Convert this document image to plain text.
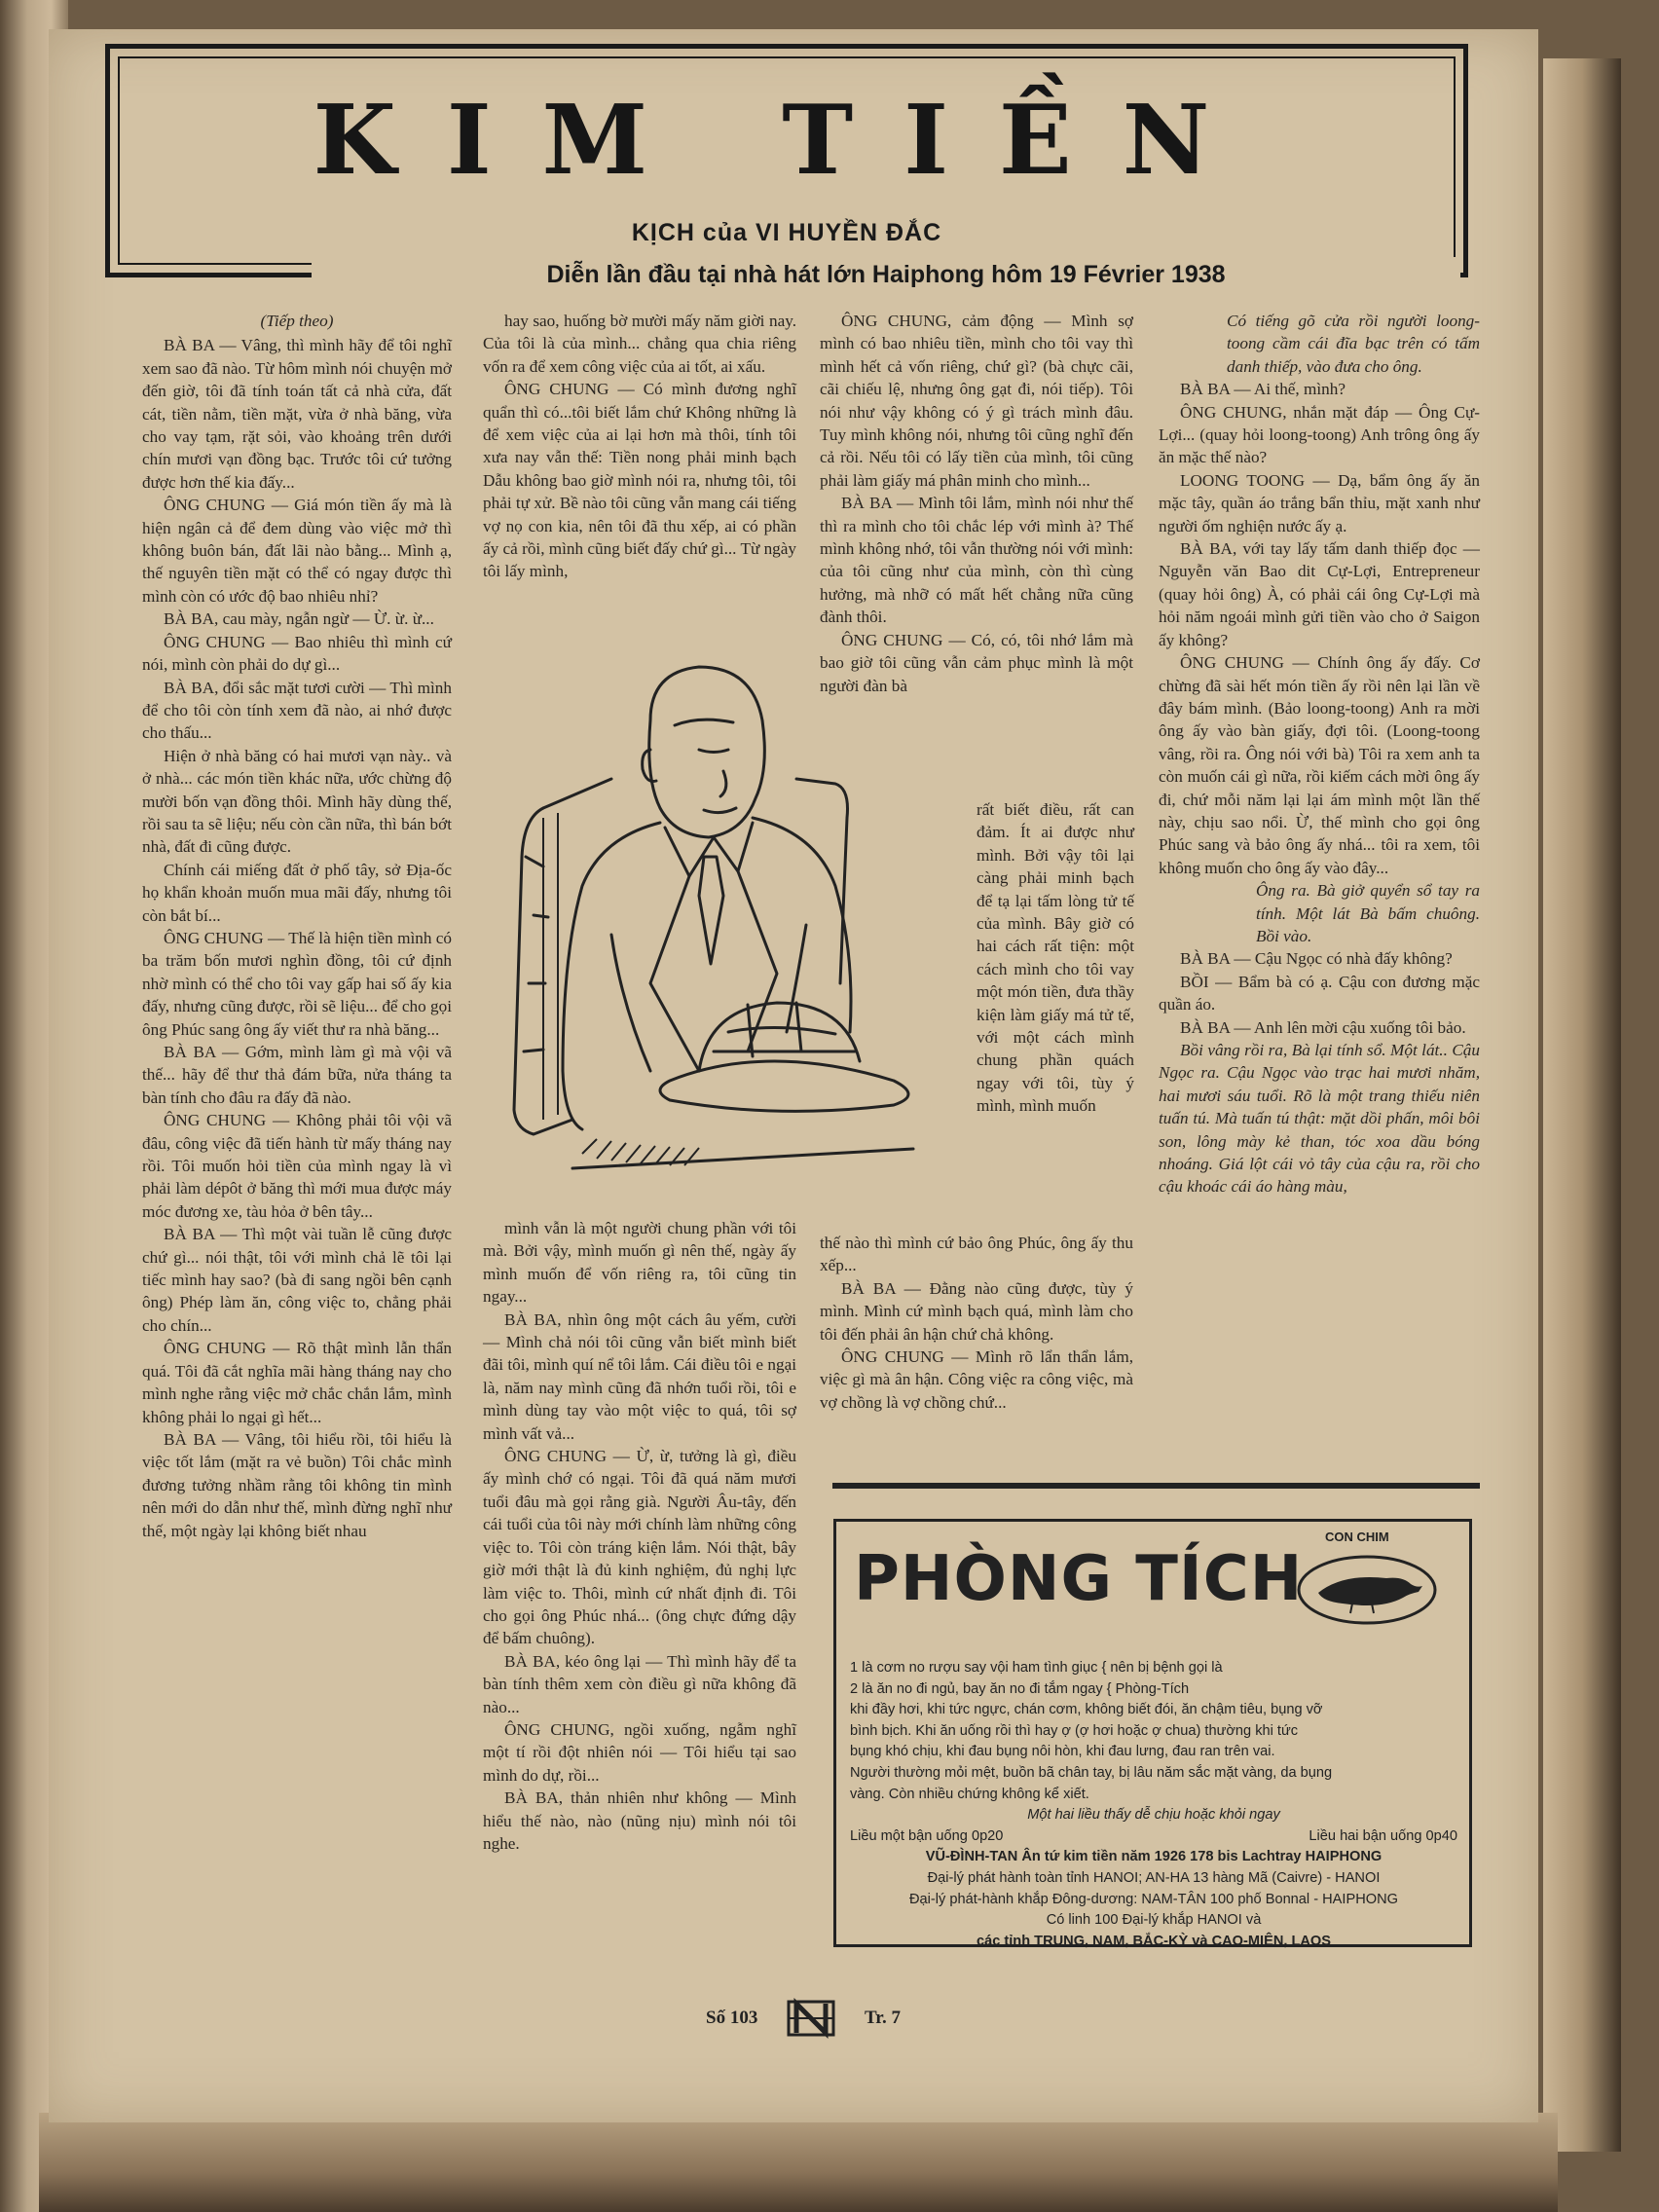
KIM TIỀN
KỊCH của VI HUYỀN ĐẮC
Diễn lần đầu tại nhà hát lớn Haiphong hôm 19 Février 1938

(Tiếp theo)

BÀ BA — Vâng, thì mình hãy để tôi nghĩ xem sao đã nào. Từ hôm mình nói chuyện mở đến giờ, tôi đã tính toán tất cả nhà cửa, đất cát, tiền nằm, tiền mặt, vừa ở nhà băng, vừa cho vay tạm, rặt sỏi, vào khoảng trên dưới chín mươi vạn đồng bạc. Trước tôi cứ tưởng được hơn thế kia đấy...

ÔNG CHUNG — Giá món tiền ấy mà là hiện ngân cả để đem dùng vào việc mở thì không buôn bán, đất lãi nào bằng... Mình ạ, thế nguyên tiền mặt có thể có ngay được thì mình còn có ước độ bao nhiêu nhỉ?

BÀ BA, cau mày, ngẫn ngừ — Ừ. ừ. ừ...

ÔNG CHUNG — Bao nhiêu thì mình cứ nói, mình còn phải do dự gì...

BÀ BA, đổi sắc mặt tươi cười — Thì mình để cho tôi còn tính xem đã nào, ai nhớ được cho thấu...

Hiện ở nhà băng có hai mươi vạn này.. và ở nhà... các món tiền khác nữa, ước chừng độ mười bốn vạn đồng thôi. Mình hãy dùng thế, rồi sau ta sẽ liệu; nếu còn cần nữa, thì bán bớt nhà, đất đi cũng được.

Chính cái miếng đất ở phố tây, sở Địa-ốc họ khẩn khoản muốn mua mãi đấy, nhưng tôi còn bắt bí...

ÔNG CHUNG — Thế là hiện tiền mình có ba trăm bốn mươi nghìn đồng, tôi cứ định nhờ mình có thể cho tôi vay gấp hai số ấy kia đấy, nhưng cũng được, rồi sẽ liệu... để cho gọi ông Phúc sang ông ấy viết thư ra nhà băng...

BÀ BA — Gớm, mình làm gì mà vội vã thế... hãy để thư thả đám bữa, nửa tháng ta bàn tính cho đâu ra đấy đã nào.

ÔNG CHUNG — Không phải tôi vội vã đâu, công việc đã tiến hành từ mấy tháng nay rồi. Tôi muốn hỏi tiền của mình ngay là vì phải làm dépôt ở băng thì mới mua được máy móc đương xe, tàu hỏa ở bên tây...

BÀ BA — Thì một vài tuần lễ cũng được chứ gì... nói thật, tôi với mình chả lẽ tôi lại tiếc mình hay sao? (bà đi sang ngồi bên cạnh ông) Phép làm ăn, công việc to, chẳng phải cho chín...

ÔNG CHUNG — Rõ thật mình lẫn thẩn quá. Tôi đã cắt nghĩa mãi hàng tháng nay cho mình nghe rằng việc mở chắc chắn lắm, mình không phải lo ngại gì hết...

BÀ BA — Vâng, tôi hiểu rồi, tôi hiểu là việc tốt lắm (mặt ra vẻ buồn) Tôi chắc mình đương tưởng nhầm rằng tôi không tin mình nên mới do dẫn như thế, mình đừng nghĩ như thế, một ngày lại không biết nhau

hay sao, huống bờ mười mấy năm giời nay. Của tôi là của mình... chẳng qua chia riêng vốn ra để xem công việc của ai tốt, ai xấu.

ÔNG CHUNG — Có mình đương nghĩ quẩn thì có...tôi biết lắm chứ Không những là để xem việc của ai lại hơn mà thôi, tính tôi xưa nay vẫn thế: Tiền nong phải minh bạch Dẫu không bao giờ mình nói ra, nhưng tôi, tôi phải tự xử. Bề nào tôi cũng vẫn mang cái tiếng vợ nọ con kia, nên tôi đã thu xếp, ai có phần ấy cả rồi, mình cũng biết đấy chứ gì... Từ ngày tôi lấy mình,

mình vẫn là một người chung phần với tôi mà. Bởi vậy, mình muốn gì nên thế, ngày ấy mình muốn để vốn riêng ra, tôi cũng tin ngay...

BÀ BA, nhìn ông một cách âu yếm, cười — Mình chả nói tôi cũng vẫn biết mình biết đãi tôi, mình quí nể tôi lắm. Cái điều tôi e ngại là, năm nay mình cũng đã nhớn tuổi rồi, tôi e mình dùng tay vào một việc to quá, tôi sợ mình vất vả...

ÔNG CHUNG — Ừ, ừ, tưởng là gì, điều ấy mình chớ có ngại. Tôi đã quá năm mươi tuổi đâu mà gọi rằng già. Người Âu-tây, đến cái tuổi của tôi này mới chính làm những công việc to. Tôi còn tráng kiện lắm. Nói thật, bây giờ mới thật là đủ kinh nghiệm, đủ nghị lực làm việc to. Thôi, mình cứ nhất định đi. Tôi cho gọi ông Phúc nhá... (ông chực đứng dậy để bấm chuông).

BÀ BA, kéo ông lại — Thì mình hãy để ta bàn tính thêm xem còn điều gì nữa không đã nào...

ÔNG CHUNG, ngồi xuống, ngẫm nghĩ một tí rồi đột nhiên nói — Tôi hiểu tại sao mình do dự, rồi...

BÀ BA, thản nhiên như không — Mình hiểu thế nào, nào (nũng nịu) mình nói tôi nghe.

ÔNG CHUNG, cảm động — Mình sợ mình có bao nhiêu tiền, mình cho tôi vay thì mình hết cả vốn riêng, chứ gì? (bà chực cãi, cãi chiếu lệ, nhưng ông gạt đi, nói tiếp). Tôi nói như vậy không có ý gì trách mình đâu. Tuy mình không nói, nhưng tôi cũng nghĩ đến cả rồi. Nếu tôi có lấy tiền của mình, tôi cũng phải làm giấy má phân minh cho mình...

BÀ BA — Mình tôi lắm, mình nói như thế thì ra mình cho tôi chắc lép với mình à? Thế mình không nhớ, tôi vẫn thường nói với mình: của tôi cũng như của mình, còn thì cùng hưởng, mà nhỡ có mất hết chẳng nữa cũng đành thôi.

ÔNG CHUNG — Có, có, tôi nhớ lắm mà bao giờ tôi cũng vẫn cảm phục mình là một người đàn bà

rất biết điều, rất can đảm. Ít ai được như mình. Bởi vậy tôi lại càng phải minh bạch để tạ lại tấm lòng tử tế của mình. Bây giờ có hai cách rất tiện: một cách mình cho tôi vay một món tiền, đưa thầy kiện làm giấy má tử tế, với một cách mình chung phần quách ngay với tôi, tùy ý mình, mình muốn

thế nào thì mình cứ bảo ông Phúc, ông ấy thu xếp...

BÀ BA — Đằng nào cũng được, tùy ý mình. Mình cứ mình bạch quá, mình làm cho tôi đến phải ân hận chứ chả không.

ÔNG CHUNG — Mình rõ lẩn thẩn lắm, việc gì mà ân hận. Công việc ra công việc, mà vợ chồng là vợ chồng chứ...

Có tiếng gõ cửa rồi người loong-toong cầm cái đĩa bạc trên có tấm danh thiếp, vào đưa cho ông.

BÀ BA — Ai thế, mình?

ÔNG CHUNG, nhắn mặt đáp — Ông Cự-Lợi... (quay hỏi loong-toong) Anh trông ông ấy ăn mặc thế nào?

LOONG TOONG — Dạ, bẩm ông ấy ăn mặc tây, quần áo trắng bẩn thỉu, mặt xanh như người ốm nghiện nước ấy ạ.

BÀ BA, với tay lấy tấm danh thiếp đọc — Nguyễn văn Bao dit Cự-Lợi, Entrepreneur (quay hỏi ông) À, có phải cái ông Cự-Lợi mà hỏi năm ngoái mình gửi tiền vào cho ở Saigon ấy không?

ÔNG CHUNG — Chính ông ấy đấy. Cơ chừng đã sài hết món tiền ấy rồi nên lại lần về đây bám mình. (Bảo loong-toong) Anh ra mời ông ấy vào bàn giấy, đợi tôi. (Loong-toong vâng, rồi ra. Ông nói với bà) Tôi ra xem anh ta còn muốn cái gì nữa, rồi kiếm cách mời ông ấy đi, chứ mỗi năm lại lại ám mình một lần thế này, chịu sao nổi. Ừ, thế mình cho gọi ông Phúc sang và bảo ông ấy nhá... tôi ra xem, tôi không muốn cho ông ấy vào đây...

Ông ra. Bà giở quyển sổ tay ra tính. Một lát Bà bấm chuông. Bồi vào.

BÀ BA — Cậu Ngọc có nhà đấy không?

BỒI — Bẩm bà có ạ. Cậu con đương mặc quần áo.

BÀ BA — Anh lên mời cậu xuống tôi bảo.

Bồi vâng rồi ra, Bà lại tính sổ. Một lát.. Cậu Ngọc ra. Cậu Ngọc vào trạc hai mươi nhăm, hai mươi sáu tuổi. Rõ là một trang thiếu niên tuấn tú. Mà tuấn tú thật: mặt dồi phấn, môi bôi son, lông mày kẻ than, tóc xoa dầu bóng nhoáng. Giá lột cái vỏ tây của cậu ra, rồi cho cậu khoác cái áo hàng màu,

PHÒNG TÍCH
CON CHIM
1 là cơm no rượu say vội ham tình giục { nên bị bệnh gọi là
2 là ăn no đi ngủ, bay ăn no đi tắm ngay { Phòng-Tích
khi đầy hơi, khi tức ngực, chán cơm, không biết đói, ăn chậm tiêu, bụng vỡ
bình bịch. Khi ăn uống rồi thì hay ợ (ợ hơi hoặc ợ chua) thường khi tức
bụng khó chịu, khi đau bụng nôi hòn, khi đau lưng, đau ran trên vai.
Người thường mỏi mệt, buồn bã chân tay, bị lâu năm sắc mặt vàng, da bụng
vàng. Còn nhiều chứng không kể xiết.
Một hai liều thấy dễ chịu hoặc khỏi ngay
Liều một bận uống 0p20	Liều hai bận uống 0p40
VŨ-ĐÌNH-TAN Ân tứ kim tiền năm 1926 178 bis Lachtray HAIPHONG
Đại-lý phát hành toàn tỉnh HANOI; AN-HA 13 hàng Mã (Caivre) - HANOI
Đại-lý phát-hành khắp Đông-dương: NAM-TÂN 100 phố Bonnal - HAIPHONG
Có linh 100 Đại-lý khắp HANOI và
các tỉnh TRUNG, NAM, BẮC-KỲ và CAO-MIÊN, LAOS
Số 103	Tr. 7
